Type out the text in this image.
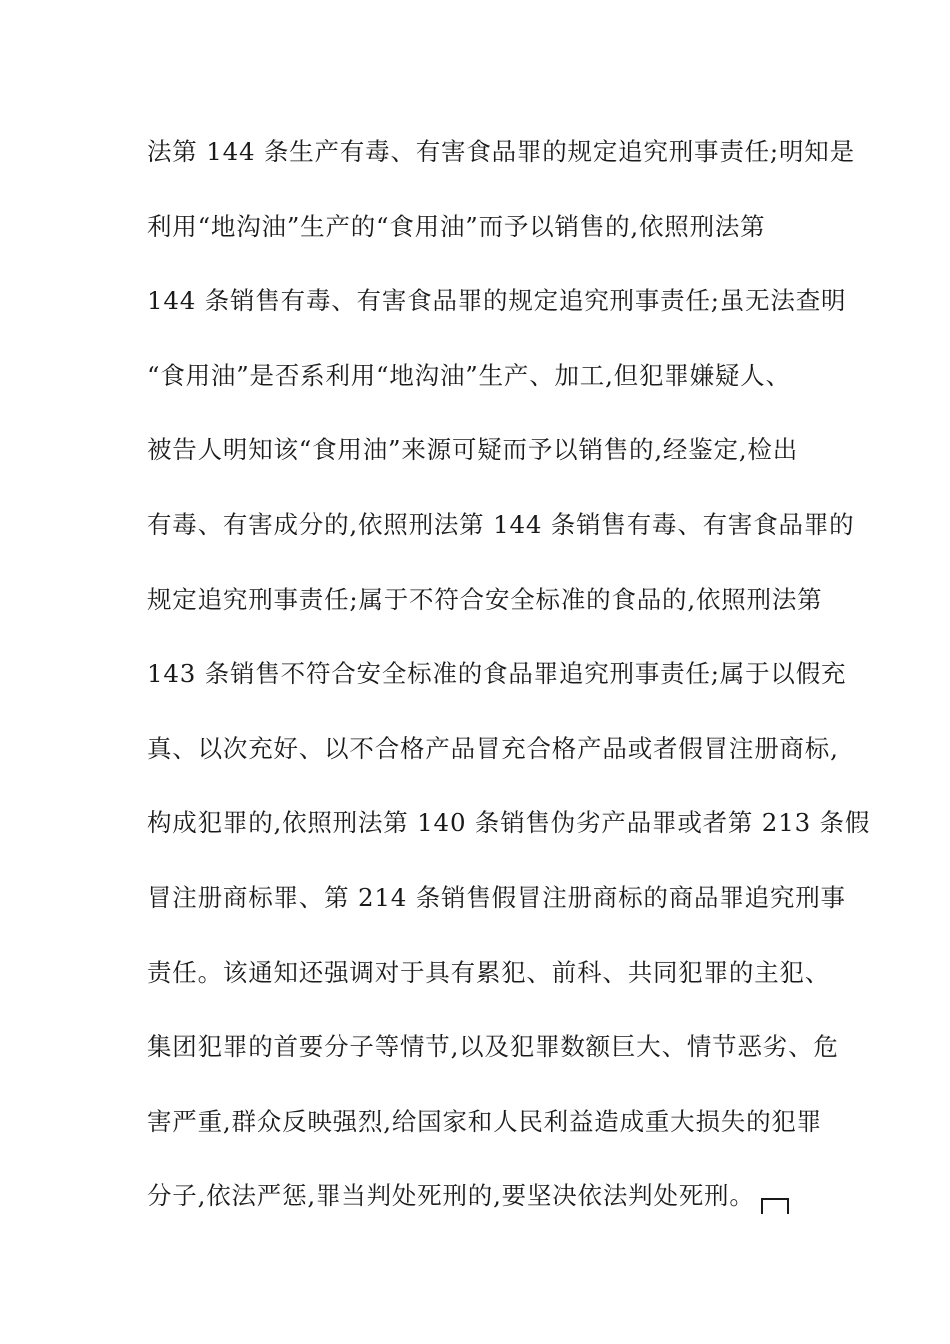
法第 144 条生产有毒、有害食品罪的规定追究刑事责任;明知是
利用“地沟油”生产的“食用油”而予以销售的,依照刑法第
144 条销售有毒、有害食品罪的规定追究刑事责任;虽无法查明
“食用油”是否系利用“地沟油”生产、加工,但犯罪嫌疑人、
被告人明知该“食用油”来源可疑而予以销售的,经鉴定,检出
有毒、有害成分的,依照刑法第 144 条销售有毒、有害食品罪的
规定追究刑事责任;属于不符合安全标准的食品的,依照刑法第
143 条销售不符合安全标准的食品罪追究刑事责任;属于以假充
真、以次充好、以不合格产品冒充合格产品或者假冒注册商标,
构成犯罪的,依照刑法第 140 条销售伪劣产品罪或者第 213 条假
冒注册商标罪、第 214 条销售假冒注册商标的商品罪追究刑事
责任。该通知还强调对于具有累犯、前科、共同犯罪的主犯、
集团犯罪的首要分子等情节,以及犯罪数额巨大、情节恶劣、危
害严重,群众反映强烈,给国家和人民利益造成重大损失的犯罪
分子,依法严惩,罪当判处死刑的,要坚决依法判处死刑。
